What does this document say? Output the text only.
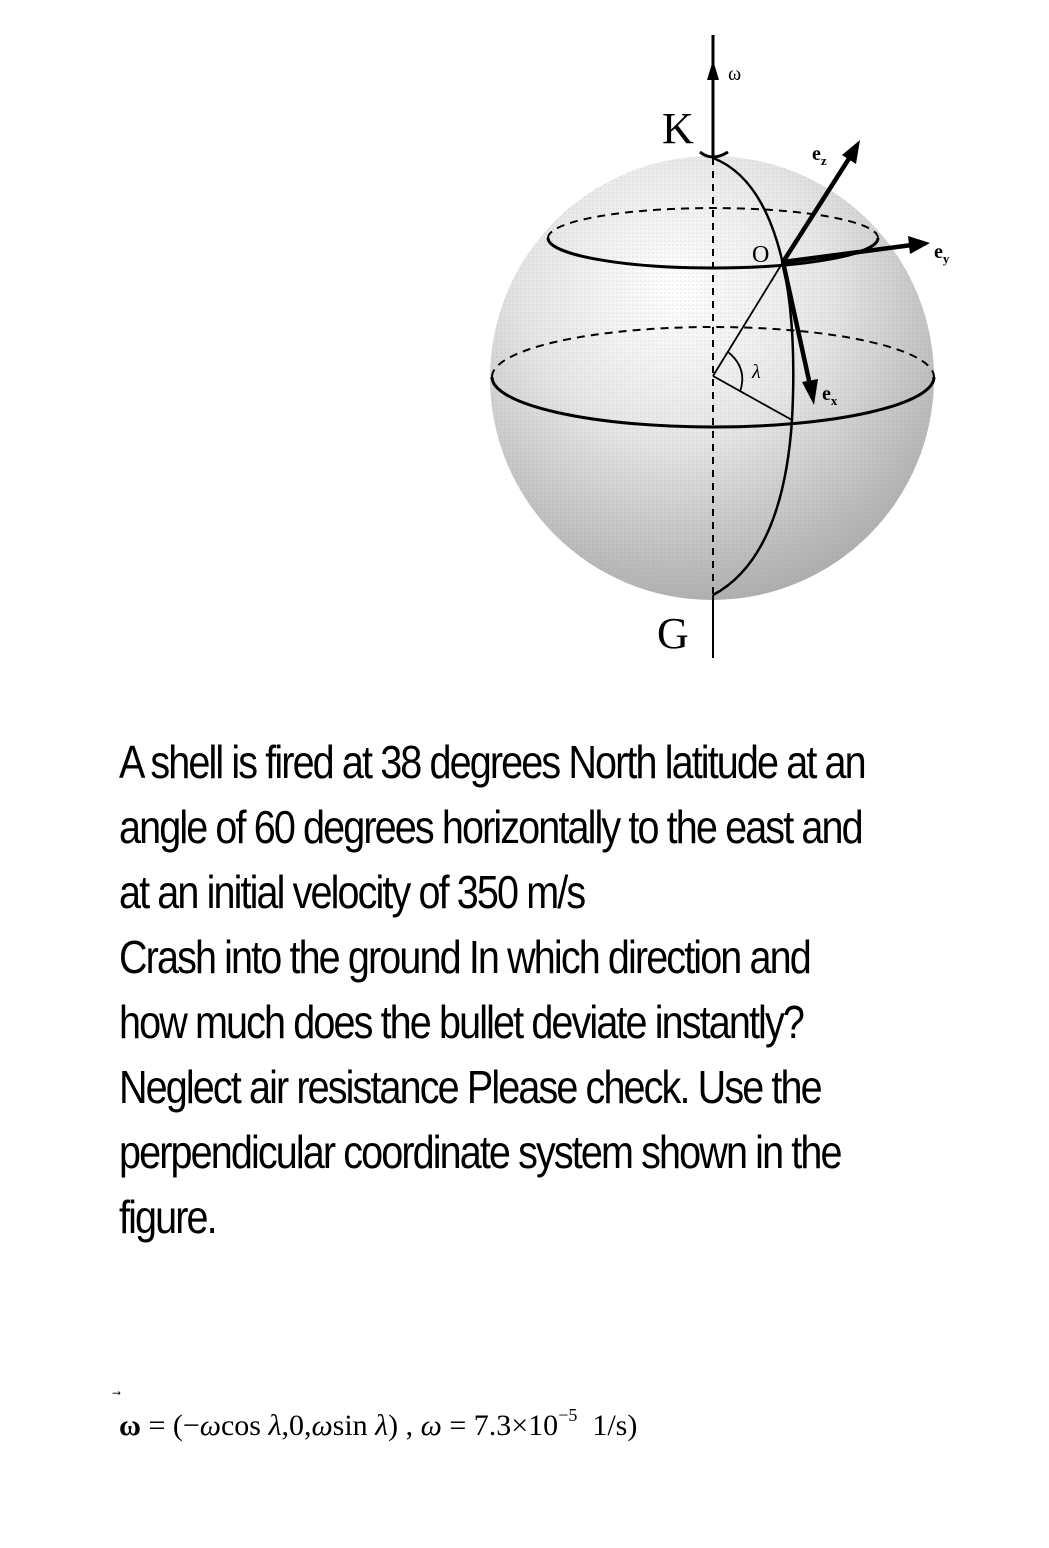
ω
K
G
O
λ
$e_z$
$e_y$
$e_x$

A shell is fired at 38 degrees North latitude at an angle of 60 degrees horizontally to the east and at an initial velocity of 350 m/s

Crash into the ground In which direction and how much does the bullet deviate instantly? Neglect air resistance Please check. Use the perpendicular coordinate system shown in the figure.

ω = (−ωcos λ,0,ωsin λ) , $\omega = 7.3\times 10^{-5}$  1/s)
